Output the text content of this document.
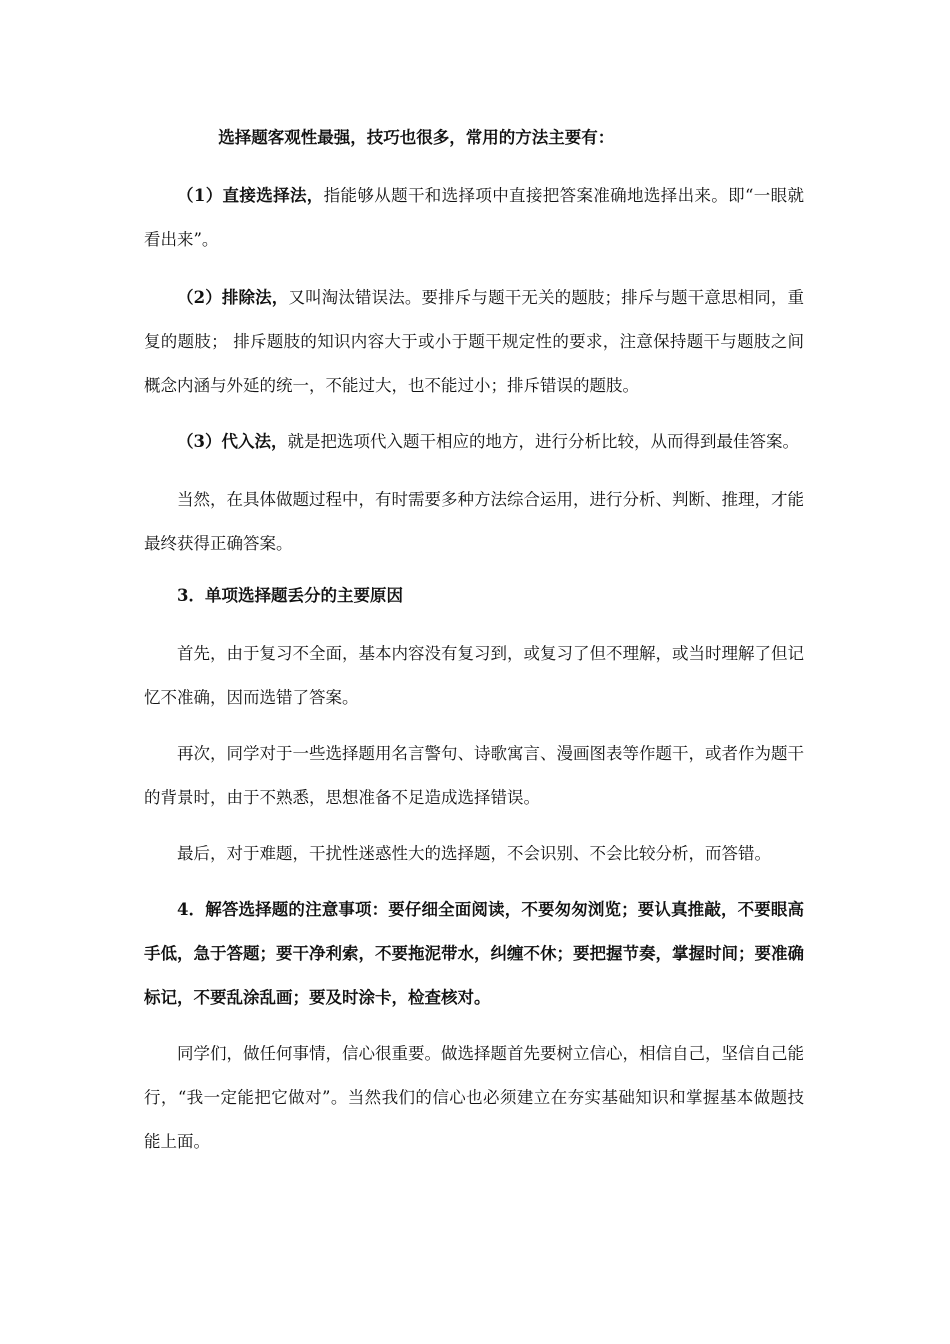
选择题客观性最强，技巧也很多，常用的方法主要有：

（1）直接选择法，指能够从题干和选择项中直接把答案准确地选择出来。即“一眼就看出来”。

（2）排除法，又叫淘汰错误法。要排斥与题干无关的题肢；排斥与题干意思相同，重复的题肢； 排斥题肢的知识内容大于或小于题干规定性的要求，注意保持题干与题肢之间概念内涵与外延的统一，不能过大，也不能过小；排斥错误的题肢。

（3）代入法，就是把选项代入题干相应的地方，进行分析比较，从而得到最佳答案。

当然，在具体做题过程中，有时需要多种方法综合运用，进行分析、判断、推理，才能最终获得正确答案。

3．单项选择题丢分的主要原因

首先，由于复习不全面，基本内容没有复习到，或复习了但不理解，或当时理解了但记忆不准确，因而选错了答案。

再次，同学对于一些选择题用名言警句、诗歌寓言、漫画图表等作题干，或者作为题干的背景时，由于不熟悉，思想准备不足造成选择错误。

最后，对于难题，干扰性迷惑性大的选择题，不会识别、不会比较分析，而答错。

4．解答选择题的注意事项：要仔细全面阅读，不要匆匆浏览；要认真推敲，不要眼高手低，急于答题；要干净利索，不要拖泥带水，纠缠不休；要把握节奏，掌握时间；要准确标记，不要乱涂乱画；要及时涂卡，检查核对。

同学们，做任何事情，信心很重要。做选择题首先要树立信心，相信自己，坚信自己能行，“我一定能把它做对”。当然我们的信心也必须建立在夯实基础知识和掌握基本做题技能上面。
